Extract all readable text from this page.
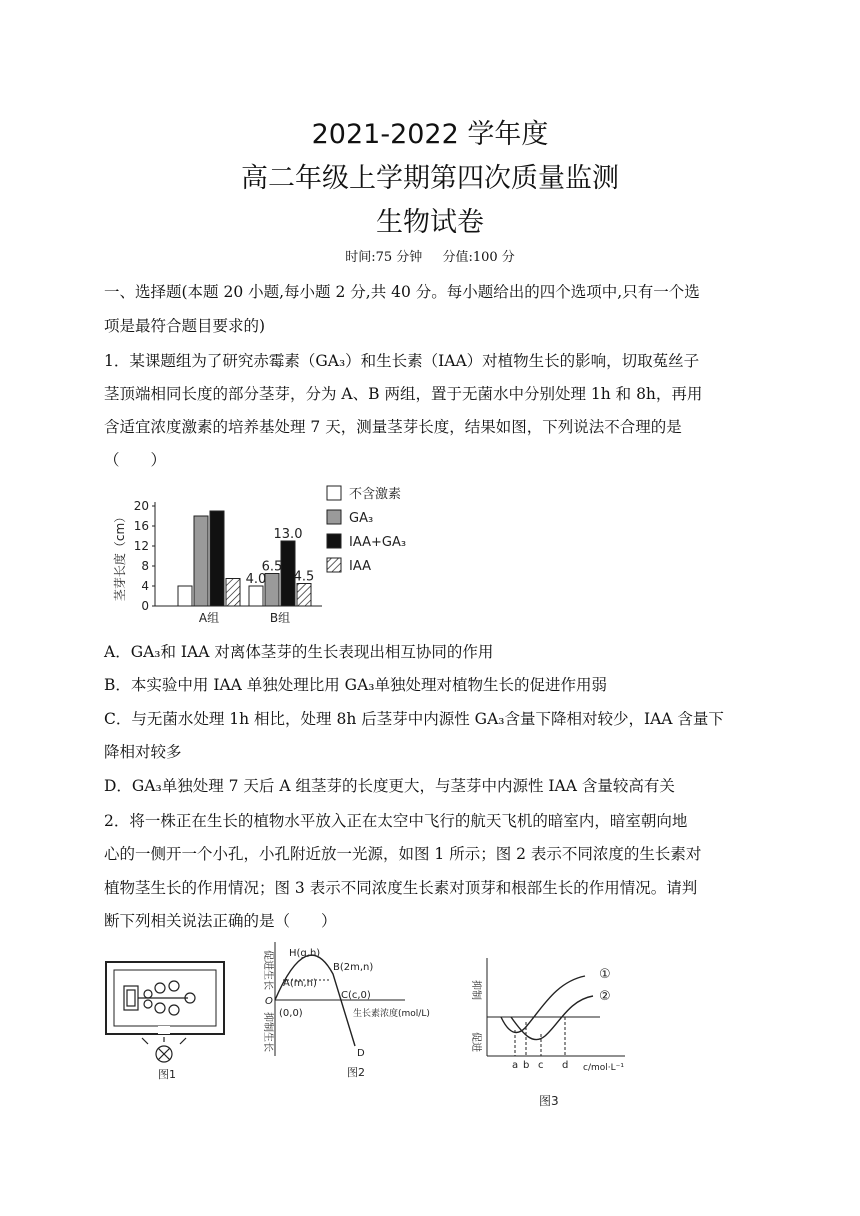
2021-2022 学年度
高二年级上学期第四次质量监测
生物试卷
时间:75 分钟 分值:100 分
一、选择题(本题 20 小题,每小题 2 分,共 40 分。每小题给出的四个选项中,只有一个选
项是最符合题目要求的)
1．某课题组为了研究赤霉素（GA₃）和生长素（IAA）对植物生长的影响，切取菟丝子
茎顶端相同长度的部分茎芽，分为 A、B 两组，置于无菌水中分别处理 1h 和 8h，再用
含适宜浓度激素的培养基处理 7 天，测量茎芽长度，结果如图，下列说法不合理的是
（　　）
茎芽长度（cm）
0
4
8
12
16
20
4.0
6.5
13.0
4.5
A组	B组
不含激素
GA₃
IAA+GA₃
IAA
A．GA₃和 IAA 对离体茎芽的生长表现出相互协同的作用
B．本实验中用 IAA 单独处理比用 GA₃单独处理对植物生长的促进作用弱
C．与无菌水处理 1h 相比，处理 8h 后茎芽中内源性 GA₃含量下降相对较少，IAA 含量下
降相对较多
D．GA₃单独处理 7 天后 A 组茎芽的长度更大，与茎芽中内源性 IAA 含量较高有关
2．将一株正在生长的植物水平放入正在太空中飞行的航天飞机的暗室内，暗室朝向地
心的一侧开一个小孔，小孔附近放一光源，如图 1 所示；图 2 表示不同浓度的生长素对
植物茎生长的作用情况；图 3 表示不同浓度生长素对顶芽和根部生长的作用情况。请判
断下列相关说法正确的是（　　）
图1
促进生长
抑制生长
O
(0,0)
H(g,h)
A(m,n)
B(2m,n)
C(c,0)
D
生长素浓度(mol/L)
图2
抑制
促进
①
②
a b c d c/mol·L⁻¹
图3
